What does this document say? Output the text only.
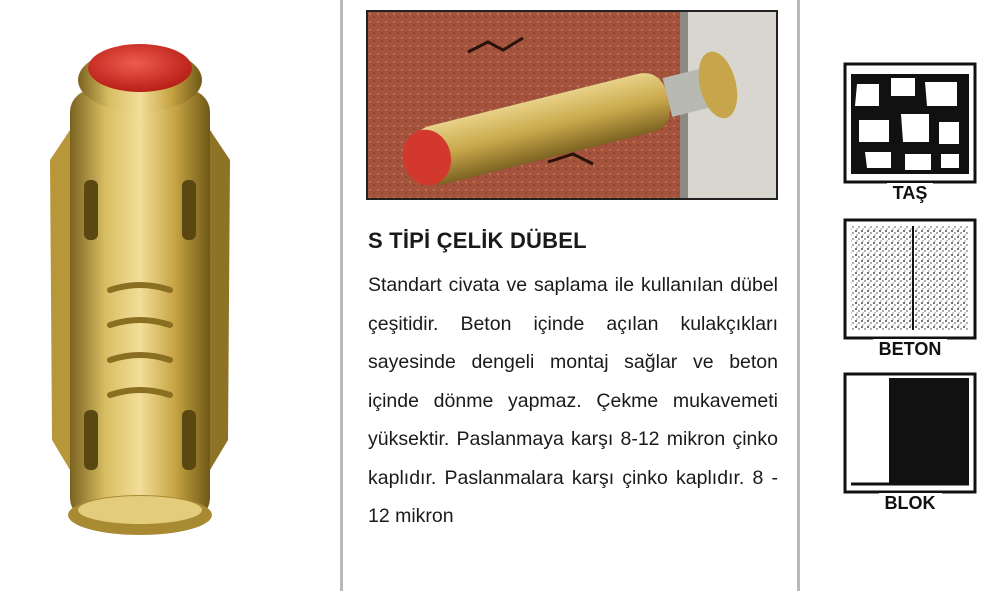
S TİPİ ÇELİK DÜBEL
Standart civata ve saplama ile kullanılan dübel çeşitidir. Beton içinde açılan kulakçıkları sayesinde dengeli montaj sağlar ve beton içinde dönme yapmaz. Çekme mukavemeti yüksektir. Paslanmaya karşı 8-12 mikron çinko kaplıdır. Paslanmalara karşı çinko kaplıdır. 8 - 12 mikron
TAŞ
BETON
BLOK
